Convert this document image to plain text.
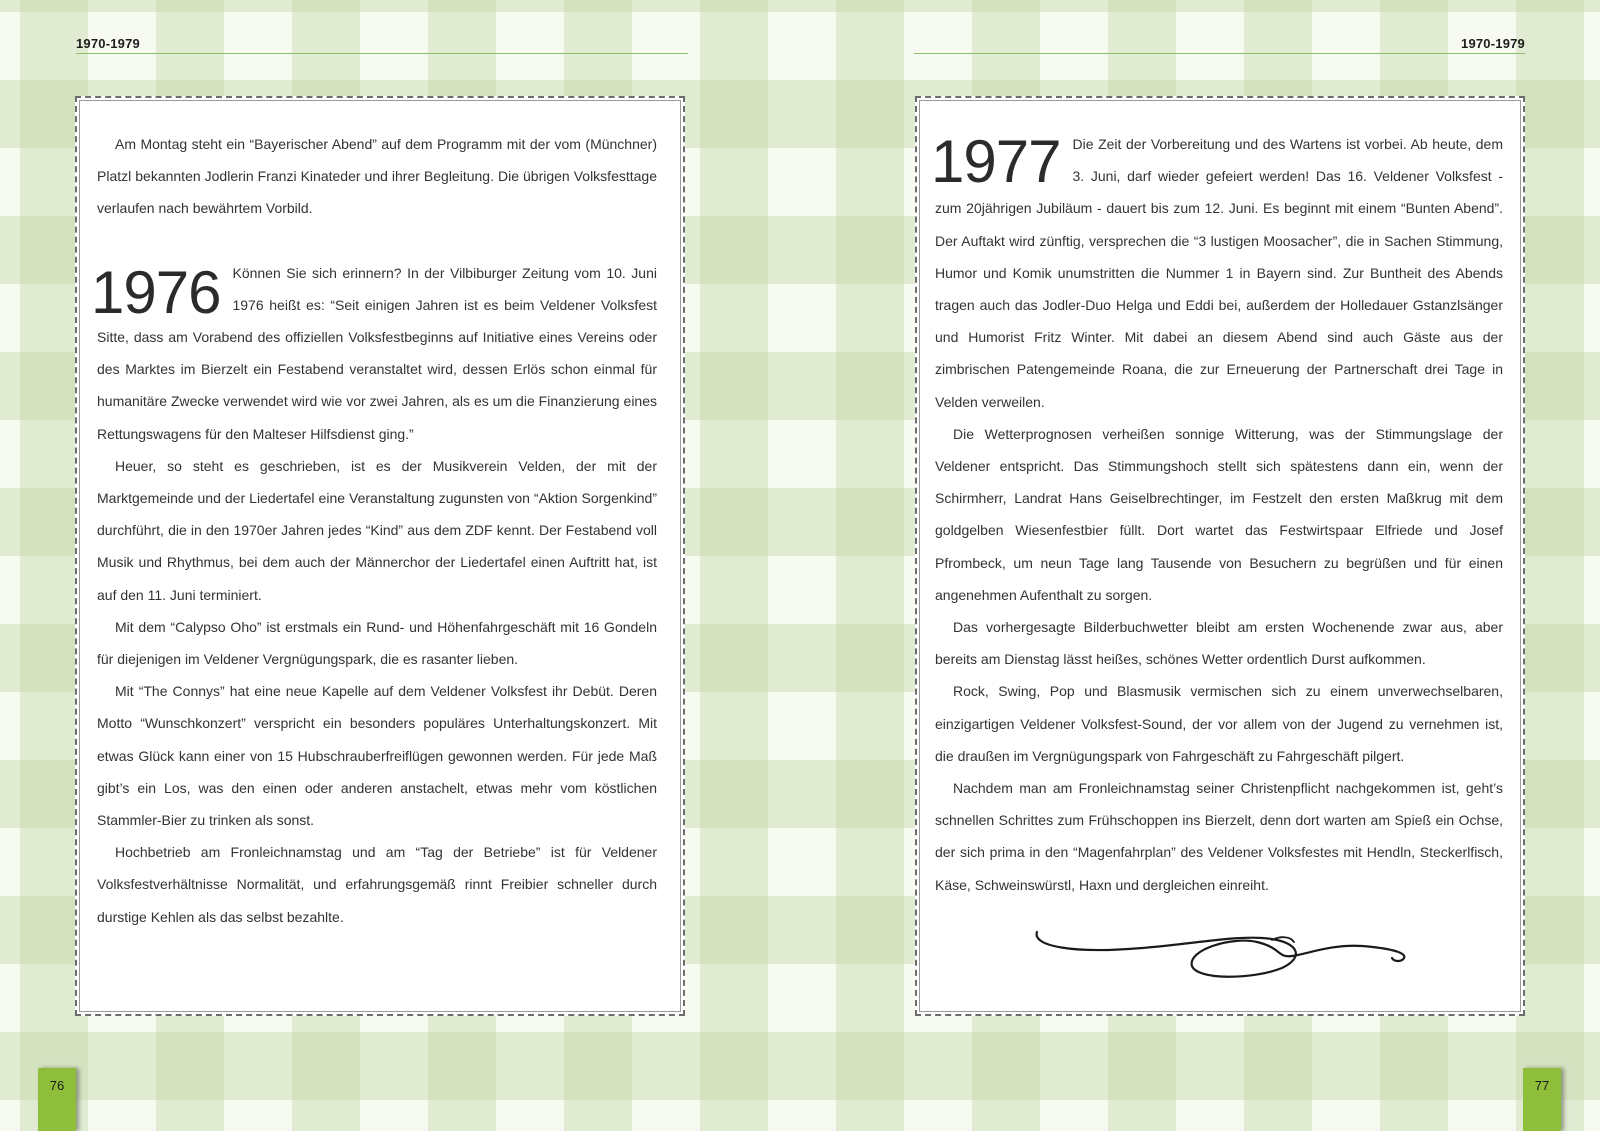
1970-1979

Am Montag steht ein “Bayerischer Abend” auf dem Programm mit der vom (Münchner) Platzl bekannten Jodlerin Franzi Kinateder und ihrer Begleitung. Die übrigen Volksfesttage verlaufen nach bewährtem Vorbild.

1976 Können Sie sich erinnern? In der Vilbiburger Zeitung vom 10. Juni 1976 heißt es: “Seit einigen Jahren ist es beim Veldener Volksfest Sitte, dass am Vorabend des offiziellen Volksfestbeginns auf Initiative eines Vereins oder des Marktes im Bierzelt ein Festabend veranstaltet wird, dessen Erlös schon einmal für humanitäre Zwecke verwendet wird wie vor zwei Jahren, als es um die Finanzierung eines Rettungswagens für den Malteser Hilfsdienst ging.”

Heuer, so steht es geschrieben, ist es der Musikverein Velden, der mit der Marktgemeinde und der Liedertafel eine Veranstaltung zugunsten von “Aktion Sorgenkind” durchführt, die in den 1970er Jahren jedes “Kind” aus dem ZDF kennt. Der Festabend voll Musik und Rhythmus, bei dem auch der Männerchor der Liedertafel einen Auftritt hat, ist auf den 11. Juni terminiert.

Mit dem “Calypso Oho” ist erstmals ein Rund- und Höhenfahrgeschäft mit 16 Gondeln für diejenigen im Veldener Vergnügungspark, die es rasanter lieben.

Mit “The Connys” hat eine neue Kapelle auf dem Veldener Volksfest ihr Debüt. Deren Motto “Wunschkonzert” verspricht ein besonders populäres Unterhaltungskonzert. Mit etwas Glück kann einer von 15 Hubschrauberfreiflügen gewonnen werden. Für jede Maß gibt’s ein Los, was den einen oder anderen anstachelt, etwas mehr vom köstlichen Stammler-Bier zu trinken als sonst.

Hochbetrieb am Fronleichnamstag und am “Tag der Betriebe” ist für Veldener Volksfestverhältnisse Normalität, und erfahrungsgemäß rinnt Freibier schneller durch durstige Kehlen als das selbst bezahlte.

76
1970-1979

1977 Die Zeit der Vorbereitung und des Wartens ist vorbei. Ab heute, dem 3. Juni, darf wieder gefeiert werden! Das 16. Veldener Volksfest - zum 20jährigen Jubiläum - dauert bis zum 12. Juni. Es beginnt mit einem “Bunten Abend”. Der Auftakt wird zünftig, versprechen die “3 lustigen Moosacher”, die in Sachen Stimmung, Humor und Komik unumstritten die Nummer 1 in Bayern sind. Zur Buntheit des Abends tragen auch das Jodler-Duo Helga und Eddi bei, außerdem der Holledauer Gstanzlsänger und Humorist Fritz Winter. Mit dabei an diesem Abend sind auch Gäste aus der zimbrischen Patengemeinde Roana, die zur Erneuerung der Partnerschaft drei Tage in Velden verweilen.

Die Wetterprognosen verheißen sonnige Witterung, was der Stimmungslage der Veldener entspricht. Das Stimmungshoch stellt sich spätestens dann ein, wenn der Schirmherr, Landrat Hans Geiselbrechtinger, im Festzelt den ersten Maßkrug mit dem goldgelben Wiesenfestbier füllt. Dort wartet das Festwirtspaar Elfriede und Josef Pfrombeck, um neun Tage lang Tausende von Besuchern zu begrüßen und für einen angenehmen Aufenthalt zu sorgen.

Das vorhergesagte Bilderbuchwetter bleibt am ersten Wochenende zwar aus, aber bereits am Dienstag lässt heißes, schönes Wetter ordentlich Durst aufkommen.

Rock, Swing, Pop und Blasmusik vermischen sich zu einem unverwechselbaren, einzigartigen Veldener Volksfest-Sound, der vor allem von der Jugend zu vernehmen ist, die draußen im Vergnügungspark von Fahrgeschäft zu Fahrgeschäft pilgert.

Nachdem man am Fronleichnamstag seiner Christenpflicht nachgekommen ist, geht’s schnellen Schrittes zum Frühschoppen ins Bierzelt, denn dort warten am Spieß ein Ochse, der sich prima in den “Magenfahrplan” des Veldener Volksfestes mit Hendln, Steckerlfisch, Käse, Schweinswürstl, Haxn und dergleichen einreiht.

77
